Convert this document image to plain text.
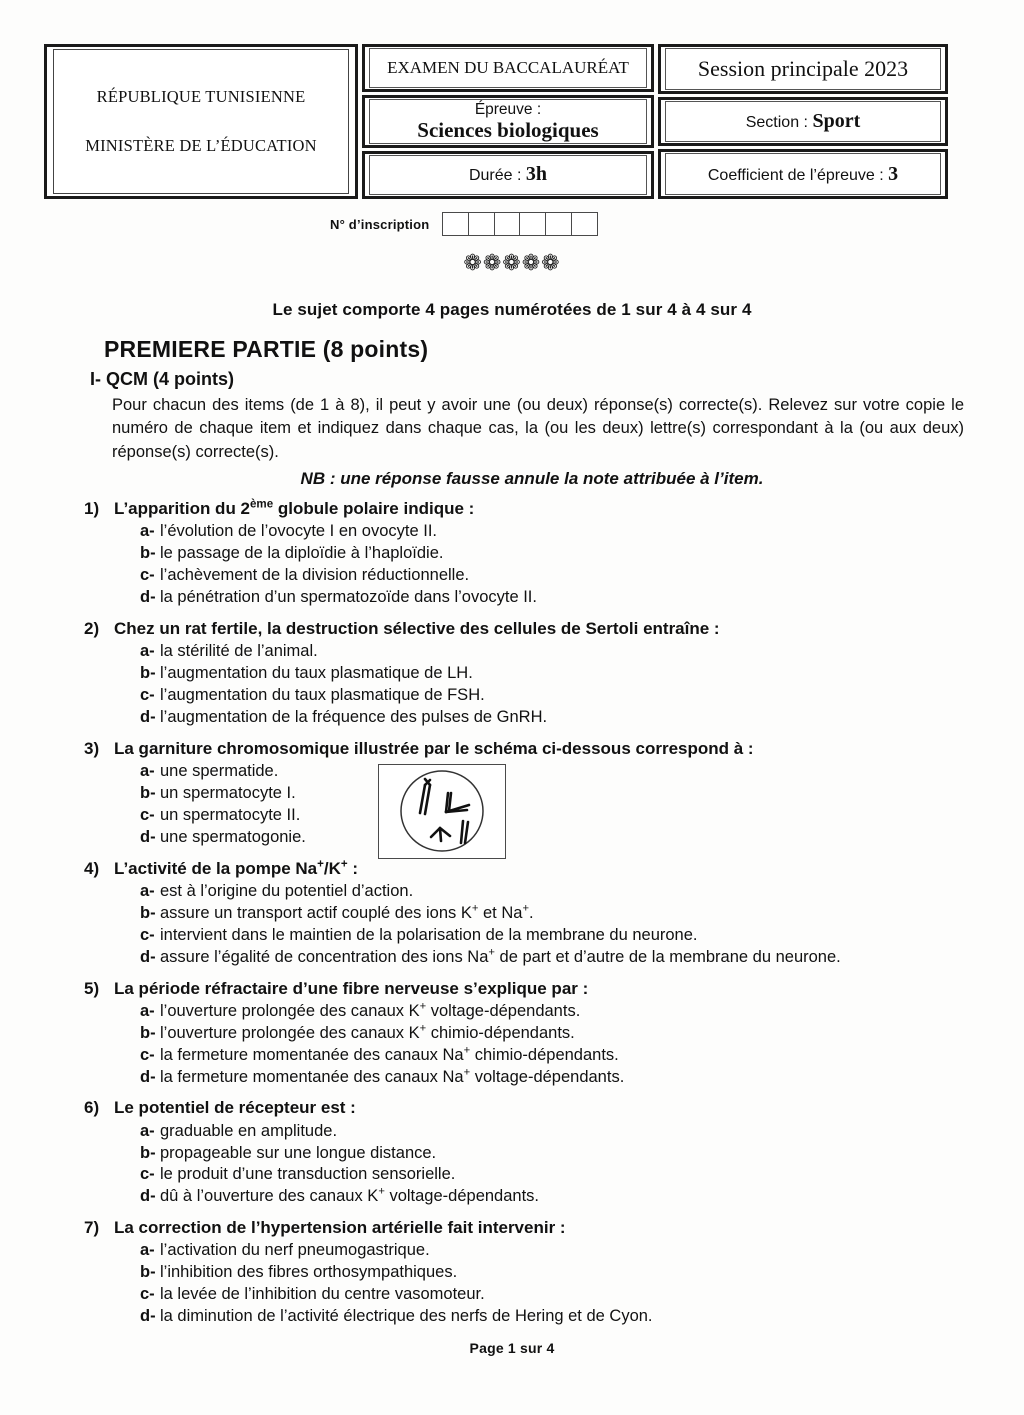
RÉPUBLIQUE TUNISIENNE
MINISTÈRE DE L’ÉDUCATION
EXAMEN DU BACCALAURÉAT
Épreuve :
Sciences biologiques
Durée : 3h
Session principale 2023
Section : Sport
Coefficient de l’épreuve : 3
N° d’inscription
❁❁❁❁❁
Le sujet comporte 4 pages numérotées de 1 sur 4 à 4 sur 4
PREMIERE PARTIE (8 points)
I- QCM (4 points)
Pour chacun des items (de 1 à 8), il peut y avoir une (ou deux) réponse(s) correcte(s). Relevez sur votre copie le numéro de chaque item et indiquez dans chaque cas, la (ou les deux) lettre(s) correspondant à la (ou aux deux) réponse(s) correcte(s).
NB : une réponse fausse annule la note attribuée à l’item.
1) L’apparition du 2ème globule polaire indique :
a- l’évolution de l’ovocyte I en ovocyte II.
b- le passage de la diploïdie à l’haploïdie.
c- l’achèvement de la division réductionnelle.
d- la pénétration d’un spermatozoïde dans l’ovocyte II.
2) Chez un rat fertile, la destruction sélective des cellules de Sertoli entraîne :
a- la stérilité de l’animal.
b- l’augmentation du taux plasmatique de LH.
c- l’augmentation du taux plasmatique de FSH.
d- l’augmentation de la fréquence des pulses de GnRH.
3) La garniture chromosomique illustrée par le schéma ci-dessous correspond à :
a- une spermatide.
b- un spermatocyte I.
c- un spermatocyte II.
d- une spermatogonie.
4) L’activité de la pompe Na+/K+ :
a- est à l’origine du potentiel d’action.
b- assure un transport actif couplé des ions K+ et Na+.
c- intervient dans le maintien de la polarisation de la membrane du neurone.
d- assure l’égalité de concentration des ions Na+ de part et d’autre de la membrane du neurone.
5) La période réfractaire d’une fibre nerveuse s’explique par :
a- l’ouverture prolongée des canaux K+ voltage-dépendants.
b- l’ouverture prolongée des canaux K+ chimio-dépendants.
c- la fermeture momentanée des canaux Na+ chimio-dépendants.
d- la fermeture momentanée des canaux Na+ voltage-dépendants.
6) Le potentiel de récepteur est :
a- graduable en amplitude.
b- propageable sur une longue distance.
c- le produit d’une transduction sensorielle.
d- dû à l’ouverture des canaux K+ voltage-dépendants.
7) La correction de l’hypertension artérielle fait intervenir :
a- l’activation du nerf pneumogastrique.
b- l’inhibition des fibres orthosympathiques.
c- la levée de l’inhibition du centre vasomoteur.
d- la diminution de l’activité électrique des nerfs de Hering et de Cyon.
Page 1 sur 4
